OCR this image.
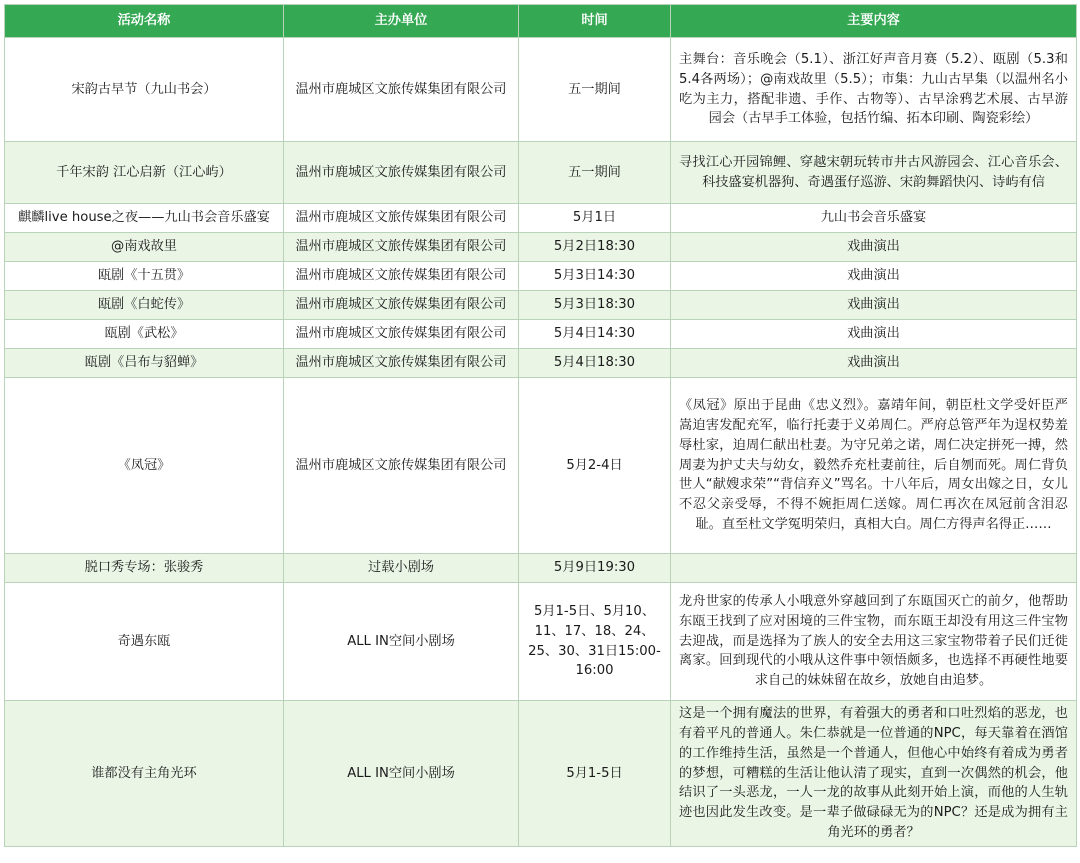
活动名称	主办单位	时间	主要内容
宋韵古早节（九山书会）	温州市鹿城区文旅传媒集团有限公司	五一期间	主舞台：音乐晚会（5.1）、浙江好声音月赛（5.2）、瓯剧（5.3和5.4各两场）；@南戏故里（5.5）；市集：九山古早集（以温州名小吃为主力，搭配非遗、手作、古物等）、古早涂鸦艺术展、古早游园会（古早手工体验，包括竹编、拓本印刷、陶瓷彩绘）
千年宋韵 江心启新（江心屿）	温州市鹿城区文旅传媒集团有限公司	五一期间	寻找江心开园锦鲤、穿越宋朝玩转市井古风游园会、江心音乐会、科技盛宴机器狗、奇遇蛋仔巡游、宋韵舞蹈快闪、诗屿有信
麒麟live house之夜——九山书会音乐盛宴	温州市鹿城区文旅传媒集团有限公司	5月1日	九山书会音乐盛宴
@南戏故里	温州市鹿城区文旅传媒集团有限公司	5月2日18:30	戏曲演出
瓯剧《十五贯》	温州市鹿城区文旅传媒集团有限公司	5月3日14:30	戏曲演出
瓯剧《白蛇传》	温州市鹿城区文旅传媒集团有限公司	5月3日18:30	戏曲演出
瓯剧《武松》	温州市鹿城区文旅传媒集团有限公司	5月4日14:30	戏曲演出
瓯剧《吕布与貂蝉》	温州市鹿城区文旅传媒集团有限公司	5月4日18:30	戏曲演出
《凤冠》	温州市鹿城区文旅传媒集团有限公司	5月2-4日	《凤冠》原出于昆曲《忠义烈》。嘉靖年间，朝臣杜文学受奸臣严嵩迫害发配充军，临行托妻于义弟周仁。严府总管严年为逞权势羞辱杜家，迫周仁献出杜妻。为守兄弟之诺，周仁决定拼死一搏，然周妻为护丈夫与幼女，毅然乔充杜妻前往，后自刎而死。周仁背负世人“献嫂求荣”“背信弃义”骂名。十八年后，周女出嫁之日，女儿不忍父亲受辱，不得不婉拒周仁送嫁。周仁再次在凤冠前含泪忍耻。直至杜文学冤明荣归，真相大白。周仁方得声名得正……
脱口秀专场：张骏秀	过载小剧场	5月9日19:30	
奇遇东瓯	ALL IN空间小剧场	5月1-5日、5月10、11、17、18、24、25、30、31日15:00-16:00	龙舟世家的传承人小哦意外穿越回到了东瓯国灭亡的前夕，他帮助东瓯王找到了应对困境的三件宝物，而东瓯王却没有用这三件宝物去迎战，而是选择为了族人的安全去用这三家宝物带着子民们迁徙离家。回到现代的小哦从这件事中领悟颇多，也选择不再硬性地要求自己的妹妹留在故乡，放她自由追梦。
谁都没有主角光环	ALL IN空间小剧场	5月1-5日	这是一个拥有魔法的世界，有着强大的勇者和口吐烈焰的恶龙，也有着平凡的普通人。朱仁恭就是一位普通的NPC，每天靠着在酒馆的工作维持生活，虽然是一个普通人，但他心中始终有着成为勇者的梦想，可糟糕的生活让他认清了现实，直到一次偶然的机会，他结识了一头恶龙，一人一龙的故事从此刻开始上演，而他的人生轨迹也因此发生改变。是一辈子做碌碌无为的NPC？还是成为拥有主角光环的勇者？
